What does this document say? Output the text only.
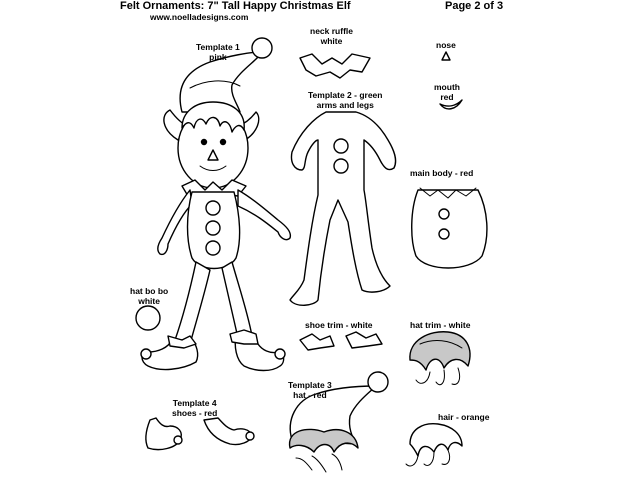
Felt Ornaments: 7" Tall Happy Christmas Elf
www.noelladesigns.com
Page 2 of 3
Template 1
pink
neck ruffle
white	nose
mouth
red
Template 2 - green
arms and legs
main body - red
hat bo bo
white
shoe trim - white	hat trim - white
Template 3
hat - red
Template 4
shoes - red	hair - orange
